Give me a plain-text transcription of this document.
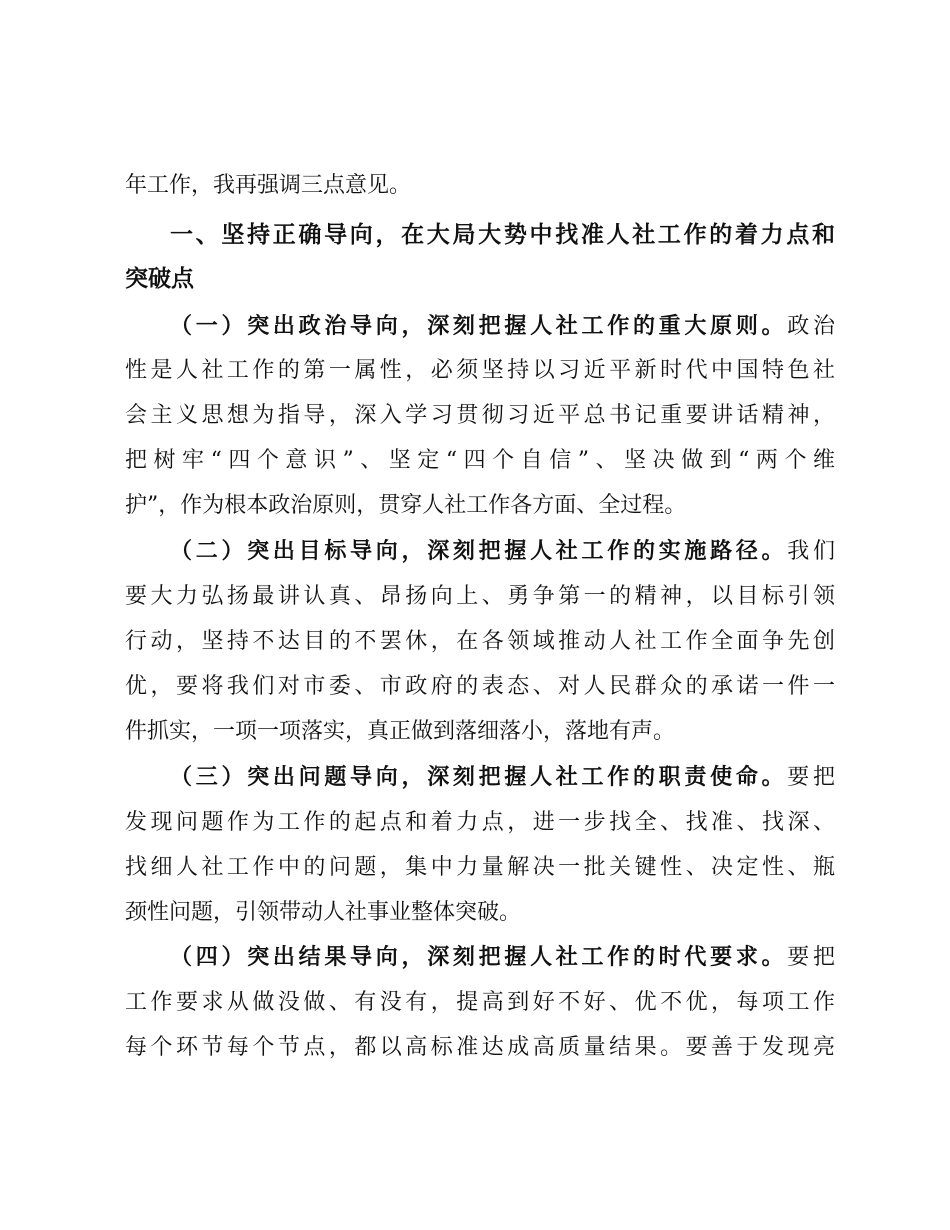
年工作，我再强调三点意见。
一、坚持正确导向，在大局大势中找准人社工作的着力点和
突破点
（一）突出政治导向，深刻把握人社工作的重大原则。政治
性是人社工作的第一属性，必须坚持以习近平新时代中国特色社
会主义思想为指导，深入学习贯彻习近平总书记重要讲话精神，
把树牢“四个意识”、坚定“四个自信”、坚决做到“两个维
护”，作为根本政治原则，贯穿人社工作各方面、全过程。
（二）突出目标导向，深刻把握人社工作的实施路径。我们
要大力弘扬最讲认真、昂扬向上、勇争第一的精神，以目标引领
行动，坚持不达目的不罢休，在各领域推动人社工作全面争先创
优，要将我们对市委、市政府的表态、对人民群众的承诺一件一
件抓实，一项一项落实，真正做到落细落小，落地有声。
（三）突出问题导向，深刻把握人社工作的职责使命。要把
发现问题作为工作的起点和着力点，进一步找全、找准、找深、
找细人社工作中的问题，集中力量解决一批关键性、决定性、瓶
颈性问题，引领带动人社事业整体突破。
（四）突出结果导向，深刻把握人社工作的时代要求。要把
工作要求从做没做、有没有，提高到好不好、优不优，每项工作
每个环节每个节点，都以高标准达成高质量结果。要善于发现亮
